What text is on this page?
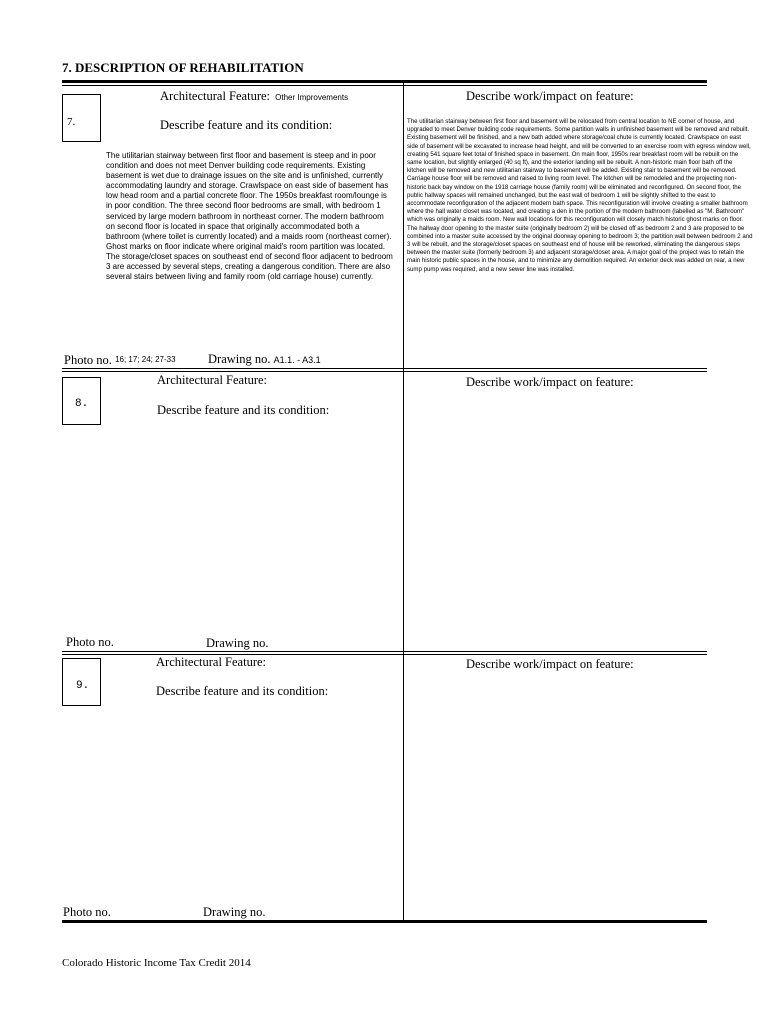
7. DESCRIPTION OF REHABILITATION
7.
Architectural Feature: Other Improvements
Describe feature and its condition:
The utilitarian stairway between first floor and basement is steep and in poor condition and does not meet Denver building code requirements. Existing basement is wet due to drainage issues on the site and is unfinished, currently accommodating laundry and storage. Crawlspace on east side of basement has low head room and a partial concrete floor. The 1950s breakfast room/lounge is in poor condition. The three second floor bedrooms are small, with bedroom 1 serviced by large modern bathroom in northeast corner. The modern bathroom on second floor is located in space that originally accommodated both a bathroom (where toilet is currently located) and a maids room (northeast corner). Ghost marks on floor indicate where original maid's room partition was located. The storage/closet spaces on southeast end of second floor adjacent to bedroom 3 are accessed by several steps, creating a dangerous condition. There are also several stairs between living and family room (old carriage house) currently.
Describe work/impact on feature:
The utilitarian stairway between first floor and basement will be relocated from central location to NE corner of house, and upgraded to meet Denver building code requirements. Some partition walls in unfinished basement will be removed and rebuilt. Existing basement will be finished, and a new bath added where storage/coal chute is currently located. Crawlspace on east side of basement will be excavated to increase head height, and will be converted to an exercise room with egress window well, creating 541 square feet total of finished space in basement. On main floor, 1950s rear breakfast room will be rebuilt on the same location, but slightly enlarged (40 sq ft), and the exterior landing will be rebuilt. A non-historic main floor bath off the kitchen will be removed and new utilitarian stairway to basement will be added. Existing stair to basement will be removed. Carriage house floor will be removed and raised to living room level. The kitchen will be remodeled and the projecting non-historic back bay window on the 1918 carriage house (family room) will be eliminated and reconfigured. On second floor, the public hallway spaces will remained unchanged, but the east wall of bedroom 1 will be slightly shifted to the east to accommodate reconfiguration of the adjacent modern bath space. This reconfiguration will involve creating a smaller bathroom where the hall water closet was located, and creating a den in the portion of the modern bathroom (labelled as "M. Bathroom" which was originally a maids room. New wall locations for this reconfiguration will closely match historic ghost marks on floor. The hallway door opening to the master suite (originally bedroom 2) will be closed off as bedroom 2 and 3 are proposed to be combined into a master suite accessed by the original doorway opening to bedroom 3; the partition wall between bedroom 2 and 3 will be rebuilt, and the storage/closet spaces on southeast end of house will be reworked, eliminating the dangerous steps between the master suite (formerly bedroom 3) and adjacent storage/closet area. A major goal of the project was to retain the main historic public spaces in the house, and to minimize any demolition required. An exterior deck was added on rear, a new sump pump was required, and a new sewer line was installed.
Photo no. 16; 17; 24; 27-33	Drawing no. A1.1. - A3.1
8.
Architectural Feature:
Describe feature and its condition:
Describe work/impact on feature:
Photo no.	Drawing no.
9.
Architectural Feature:
Describe feature and its condition:
Describe work/impact on feature:
Photo no.	Drawing no.
Colorado Historic Income Tax Credit 2014
